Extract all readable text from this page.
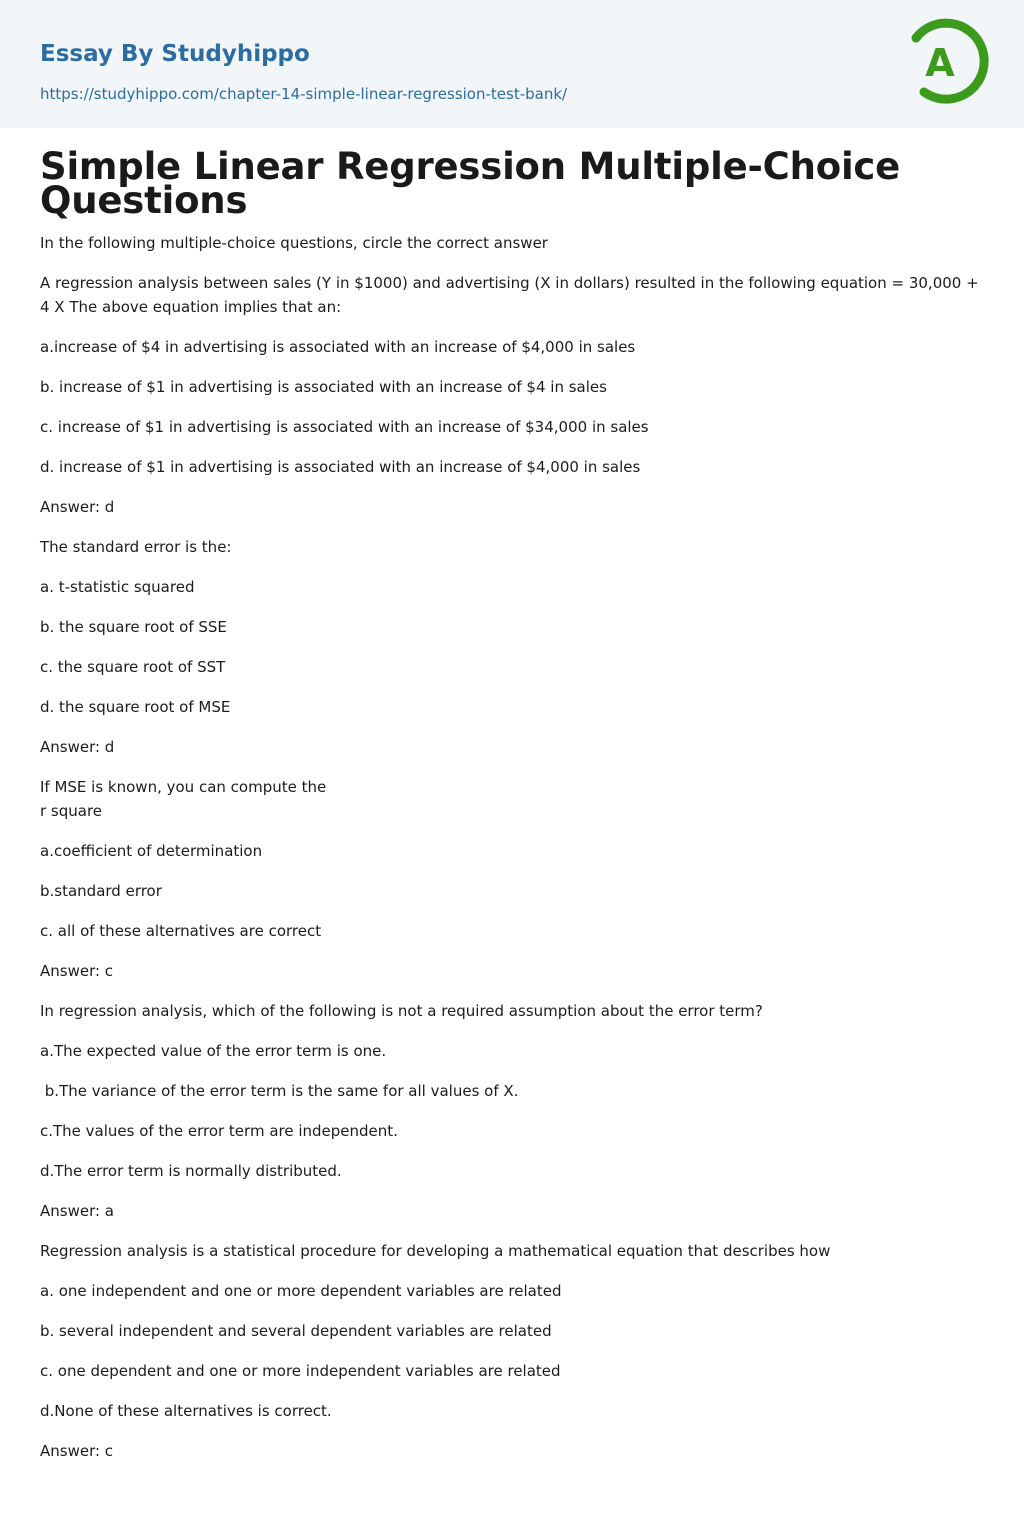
Essay By Studyhippo
https://studyhippo.com/chapter-14-simple-linear-regression-test-bank/
A
Simple Linear Regression Multiple-Choice Questions

In the following multiple-choice questions, circle the correct answer

A regression analysis between sales (Y in $1000) and advertising (X in dollars) resulted in the following equation = 30,000 + 4 X The above equation implies that an:

a.increase of $4 in advertising is associated with an increase of $4,000 in sales

b. increase of $1 in advertising is associated with an increase of $4 in sales

c. increase of $1 in advertising is associated with an increase of $34,000 in sales

d. increase of $1 in advertising is associated with an increase of $4,000 in sales

Answer: d

The standard error is the:

a. t-statistic squared

b. the square root of SSE

c. the square root of SST

d. the square root of MSE

Answer: d

If MSE is known, you can compute the
r square

a.coefficient of determination

b.standard error

c. all of these alternatives are correct

Answer: c

In regression analysis, which of the following is not a required assumption about the error term?

a.The expected value of the error term is one.

b.The variance of the error term is the same for all values of X.

c.The values of the error term are independent.

d.The error term is normally distributed.

Answer: a

Regression analysis is a statistical procedure for developing a mathematical equation that describes how

a. one independent and one or more dependent variables are related

b. several independent and several dependent variables are related

c. one dependent and one or more independent variables are related

d.None of these alternatives is correct.

Answer: c
